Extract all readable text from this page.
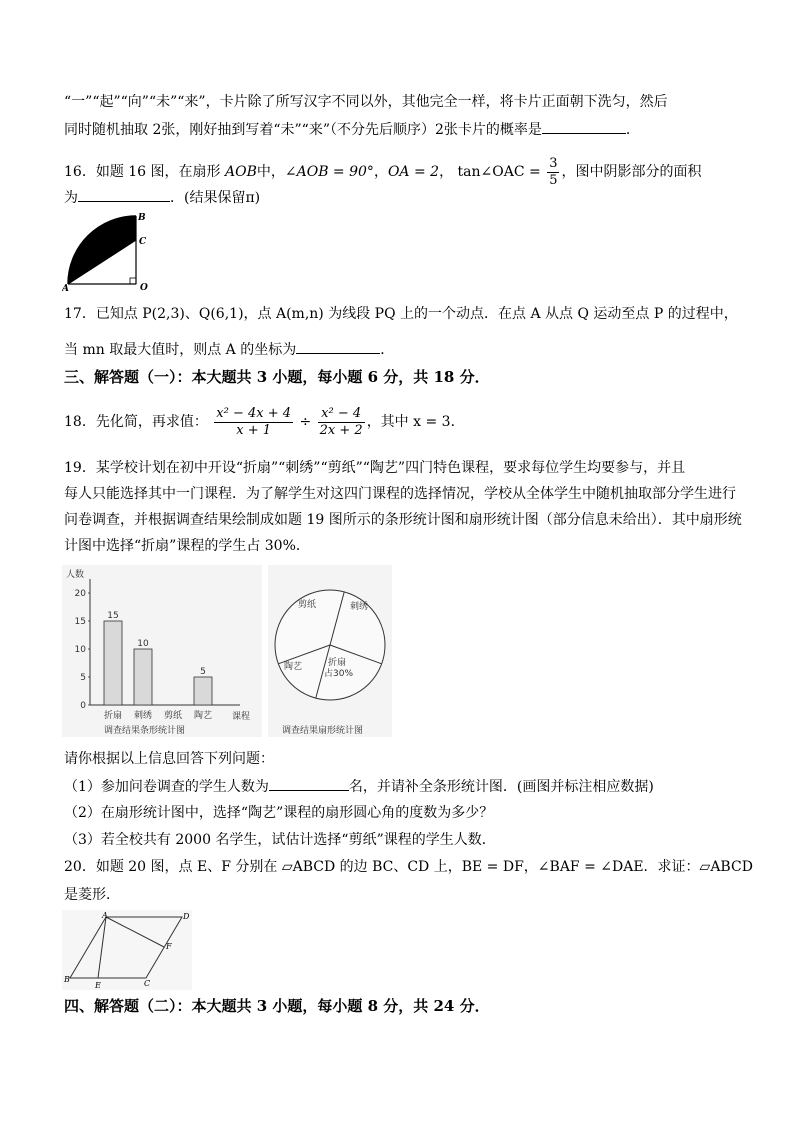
“一”“起”“向”“未”“来”，卡片除了所写汉字不同以外，其他完全一样，将卡片正面朝下洗匀，然后
同时随机抽取 2张，刚好抽到写着“未”“来”（不分先后顺序）2张卡片的概率是	．
16．如题 16 图，在扇形 AOB中，∠AOB = 90°，OA = 2， tan∠OAC = $\frac{3}{5}$ ，图中阴影部分的面积
为	．(结果保留π)
B
C
A	O
17．已知点 P(2,3)、Q(6,1)，点 A(m,n) 为线段 PQ 上的一个动点．在点 A 从点 Q 运动至点 P 的过程中，
当 mn 取最大值时，则点 A 的坐标为	．
三、解答题（一）：本大题共 3 小题，每小题 6 分，共 18 分．
18．先化简，再求值： $\frac{\text{x² − 4x + 4}}{x + 1} \div \frac{\text{x² − 4}}{2x + 2}$ ，其中 x = 3．
19．某学校计划在初中开设“折扇”“刺绣”“剪纸”“陶艺”四门特色课程，要求每位学生均要参与，并且
每人只能选择其中一门课程．为了解学生对这四门课程的选择情况，学校从全体学生中随机抽取部分学生进行
问卷调查，并根据调查结果绘制成如题 19 图所示的条形统计图和扇形统计图（部分信息未给出）．其中扇形统
计图中选择“折扇”课程的学生占 30%．
人数
课程
0
5
10
15
20
折扇
15
刺绣
10
剪纸 陶艺
5
调查结果条形统计图
剪纸	刺绣
陶艺	折扇
占30%
调查结果扇形统计图
请你根据以上信息回答下列问题：
（1）参加问卷调查的学生人数为	名，并请补全条形统计图．(画图并标注相应数据)
（2）在扇形统计图中，选择“陶艺”课程的扇形圆心角的度数为多少？
（3）若全校共有 2000 名学生，试估计选择“剪纸”课程的学生人数．
20．如题 20 图，点 E、F 分别在 ▱ABCD 的边 BC、CD 上，BE = DF，∠BAF = ∠DAE．求证：▱ABCD
是菱形．
A	D
F
B
E	C
四、解答题（二）：本大题共 3 小题，每小题 8 分，共 24 分．
